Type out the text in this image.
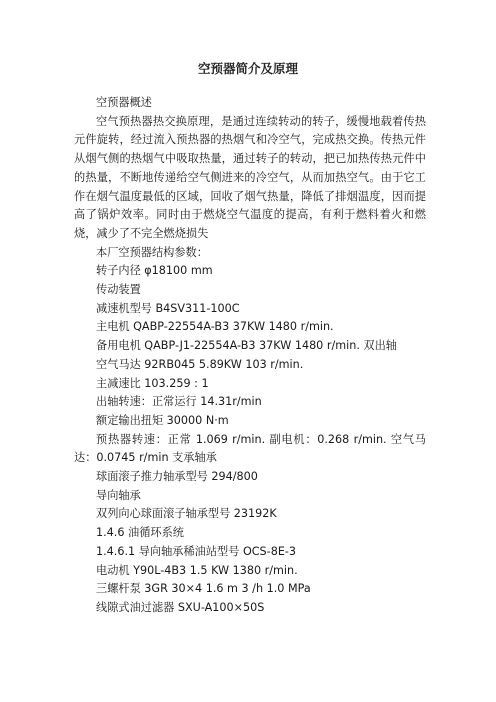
空预器简介及原理
空预器概述

空气预热器热交换原理，是通过连续转动的转子，缓慢地载着传热元件旋转，经过流入预热器的热烟气和冷空气，完成热交换。传热元件从烟气侧的热烟气中吸取热量，通过转子的转动，把已加热传热元件中的热量，不断地传递给空气侧进来的冷空气，从而加热空气。由于它工作在烟气温度最低的区域，回收了烟气热量，降低了排烟温度，因而提高了锅炉效率。同时由于燃烧空气温度的提高，有利于燃料着火和燃烧，减少了不完全燃烧损失

本厂空预器结构参数：
转子内径 φ18100 mm
传动装置
减速机型号 B4SV311-100C
主电机 QABP-22554A-B3 37KW 1480 r/min.
备用电机 QABP-J1-22554A-B3 37KW 1480 r/min. 双出轴
空气马达 92RB045 5.89KW 103 r/min.
主减速比 103.259 : 1
出轴转速：正常运行 14.31r/min
额定输出扭矩 30000 N·m

预热器转速：正常 1.069 r/min. 副电机：0.268 r/min. 空气马达：0.0745 r/min 支承轴承

球面滚子推力轴承型号 294/800
导向轴承
双列向心球面滚子轴承型号 23192K
1.4.6 油循环系统
1.4.6.1 导向轴承稀油站型号 OCS-8E-3
电动机 Y90L-4B3 1.5 KW 1380 r/min.
三螺杆泵 3GR 30×4 1.6 m 3 /h 1.0 MPa
线隙式油过滤器 SXU-A100×50S
